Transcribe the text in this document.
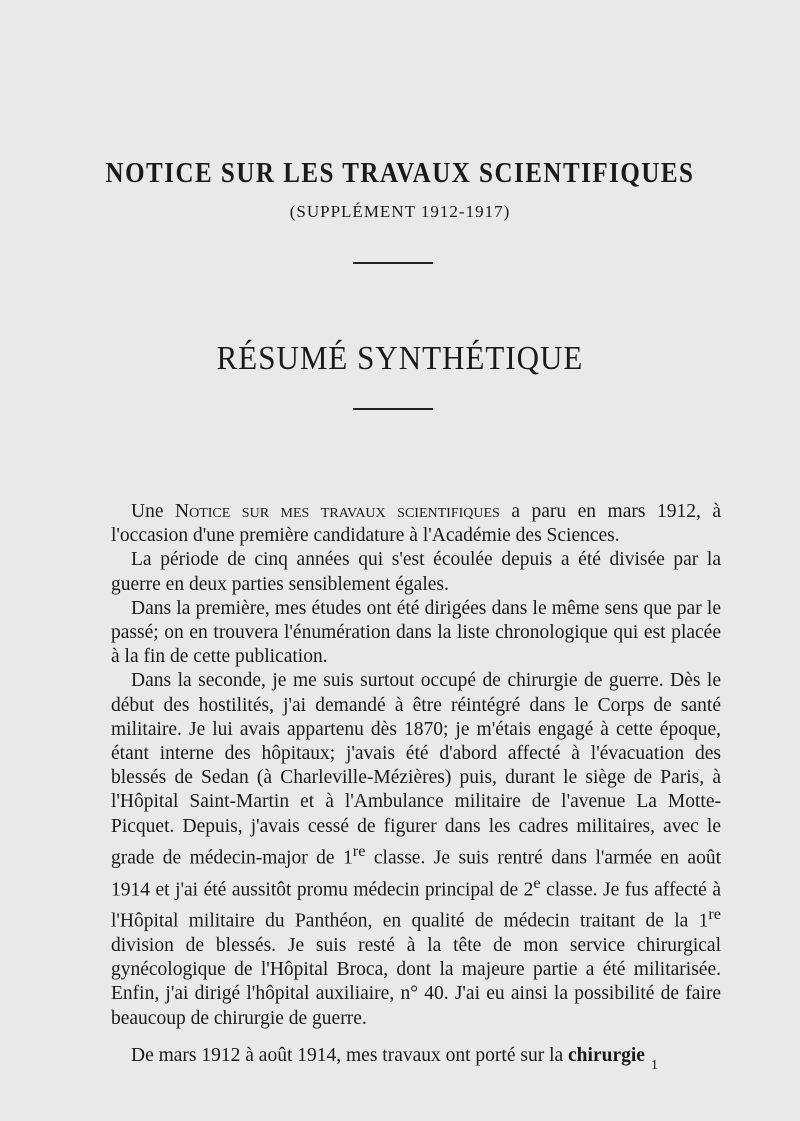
NOTICE SUR LES TRAVAUX SCIENTIFIQUES
(SUPPLÉMENT 1912-1917)
RÉSUMÉ SYNTHÉTIQUE

Une Notice sur mes travaux scientifiques a paru en mars 1912, à l'occasion d'une première candidature à l'Académie des Sciences.

La période de cinq années qui s'est écoulée depuis a été divisée par la guerre en deux parties sensiblement égales.

Dans la première, mes études ont été dirigées dans le même sens que par le passé; on en trouvera l'énumération dans la liste chronologique qui est placée à la fin de cette publication.

Dans la seconde, je me suis surtout occupé de chirurgie de guerre. Dès le début des hostilités, j'ai demandé à être réintégré dans le Corps de santé militaire. Je lui avais appartenu dès 1870; je m'étais engagé à cette époque, étant interne des hôpitaux; j'avais été d'abord affecté à l'évacuation des blessés de Sedan (à Charleville-Mézières) puis, durant le siège de Paris, à l'Hôpital Saint-Martin et à l'Ambulance militaire de l'avenue La Motte-Picquet. Depuis, j'avais cessé de figurer dans les cadres militaires, avec le grade de médecin-major de 1re classe. Je suis rentré dans l'armée en août 1914 et j'ai été aussitôt promu médecin principal de 2e classe. Je fus affecté à l'Hôpital militaire du Panthéon, en qualité de médecin traitant de la 1re division de blessés. Je suis resté à la tête de mon service chirurgical gynécologique de l'Hôpital Broca, dont la majeure partie a été militarisée. Enfin, j'ai dirigé l'hôpital auxiliaire, n° 40. J'ai eu ainsi la possibilité de faire beaucoup de chirurgie de guerre.

De mars 1912 à août 1914, mes travaux ont porté sur la chirurgie 1
